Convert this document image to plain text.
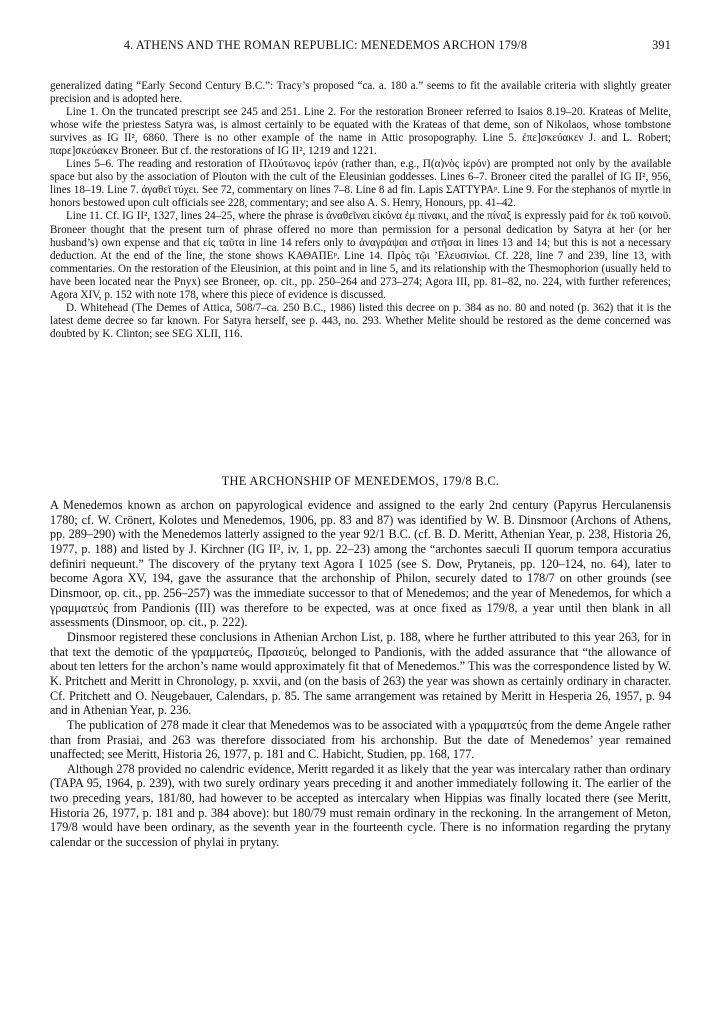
4. ATHENS AND THE ROMAN REPUBLIC: MENEDEMOS ARCHON 179/8	391

generalized dating “Early Second Century B.C.”: Tracy’s proposed “ca. a. 180 a.” seems to fit the available criteria with slightly greater precision and is adopted here.

Line 1. On the truncated prescript see 245 and 251. Line 2. For the restoration Broneer referred to Isaios 8.19–20. Krateas of Melite, whose wife the priestess Satyra was, is almost certainly to be equated with the Krateas of that deme, son of Nikolaos, whose tombstone survives as IG II², 6860. There is no other example of the name in Attic prosopography. Line 5. ἐπε]σκεύακεν J. and L. Robert; παρε]σκεύακεν Broneer. But cf. the restorations of IG II², 1219 and 1221.

Lines 5–6. The reading and restoration of Πλούτωνος ἱερόν (rather than, e.g., Π(α)νὸς ἱερόν) are prompted not only by the available space but also by the association of Plouton with the cult of the Eleusinian goddesses. Lines 6–7. Broneer cited the parallel of IG II², 956, lines 18–19. Line 7. ἀγαθεῖ τύχει. See 72, commentary on lines 7–8. Line 8 ad fin. Lapis ΣΑΤΤΥΡΑᵖ. Line 9. For the stephanos of myrtle in honors bestowed upon cult officials see 228, commentary; and see also A. S. Henry, Honours, pp. 41–42.

Line 11. Cf. IG II², 1327, lines 24–25, where the phrase is ἀναθεῖναι εἰκόνα ἐμ πίνακι, and the πίναξ is expressly paid for ἐκ τοῦ κοινοῦ. Broneer thought that the present turn of phrase offered no more than permission for a personal dedication by Satyra at her (or her husband’s) own expense and that εἰς ταῦτα in line 14 refers only to ἀναγράψαι and στῆσαι in lines 13 and 14; but this is not a necessary deduction. At the end of the line, the stone shows ΚΑΘΑΠΕᵖ. Line 14. Πρὸς τῷι ’Ελευσινίωι. Cf. 228, line 7 and 239, line 13, with commentaries. On the restoration of the Eleusinion, at this point and in line 5, and its relationship with the Thesmophorion (usually held to have been located near the Pnyx) see Broneer, op. cit., pp. 250–264 and 273–274; Agora III, pp. 81–82, no. 224, with further references; Agora XIV, p. 152 with note 178, where this piece of evidence is discussed.

D. Whitehead (The Demes of Attica, 508/7–ca. 250 B.C., 1986) listed this decree on p. 384 as no. 80 and noted (p. 362) that it is the latest deme decree so far known. For Satyra herself, see p. 443, no. 293. Whether Melite should be restored as the deme concerned was doubted by K. Clinton; see SEG XLII, 116.

THE ARCHONSHIP OF MENEDEMOS, 179/8 B.C.

A Menedemos known as archon on papyrological evidence and assigned to the early 2nd century (Papyrus Herculanensis 1780; cf. W. Crönert, Kolotes und Menedemos, 1906, pp. 83 and 87) was identified by W. B. Dinsmoor (Archons of Athens, pp. 289–290) with the Menedemos latterly assigned to the year 92/1 B.C. (cf. B. D. Meritt, Athenian Year, p. 238, Historia 26, 1977, p. 188) and listed by J. Kirchner (IG II², iv, 1, pp. 22–23) among the “archontes saeculi II quorum tempora accuratius definiri nequeunt.” The discovery of the prytany text Agora I 1025 (see S. Dow, Prytaneis, pp. 120–124, no. 64), later to become Agora XV, 194, gave the assurance that the archonship of Philon, securely dated to 178/7 on other grounds (see Dinsmoor, op. cit., pp. 256–257) was the immediate successor to that of Menedemos; and the year of Menedemos, for which a γραμματεύς from Pandionis (III) was therefore to be expected, was at once fixed as 179/8, a year until then blank in all assessments (Dinsmoor, op. cit., p. 222).

Dinsmoor registered these conclusions in Athenian Archon List, p. 188, where he further attributed to this year 263, for in that text the demotic of the γραμματεύς, Πρασιεύς, belonged to Pandionis, with the added assurance that “the allowance of about ten letters for the archon’s name would approximately fit that of Menedemos.” This was the correspondence listed by W. K. Pritchett and Meritt in Chronology, p. xxvii, and (on the basis of 263) the year was shown as certainly ordinary in character. Cf. Pritchett and O. Neugebauer, Calendars, p. 85. The same arrangement was retained by Meritt in Hesperia 26, 1957, p. 94 and in Athenian Year, p. 236.

The publication of 278 made it clear that Menedemos was to be associated with a γραμματεύς from the deme Angele rather than from Prasiai, and 263 was therefore dissociated from his archonship. But the date of Menedemos’ year remained unaffected; see Meritt, Historia 26, 1977, p. 181 and C. Habicht, Studien, pp. 168, 177.

Although 278 provided no calendric evidence, Meritt regarded it as likely that the year was intercalary rather than ordinary (TAPA 95, 1964, p. 239), with two surely ordinary years preceding it and another immediately following it. The earlier of the two preceding years, 181/80, had however to be accepted as intercalary when Hippias was finally located there (see Meritt, Historia 26, 1977, p. 181 and p. 384 above): but 180/79 must remain ordinary in the reckoning. In the arrangement of Meton, 179/8 would have been ordinary, as the seventh year in the fourteenth cycle. There is no information regarding the prytany calendar or the succession of phylai in prytany.
